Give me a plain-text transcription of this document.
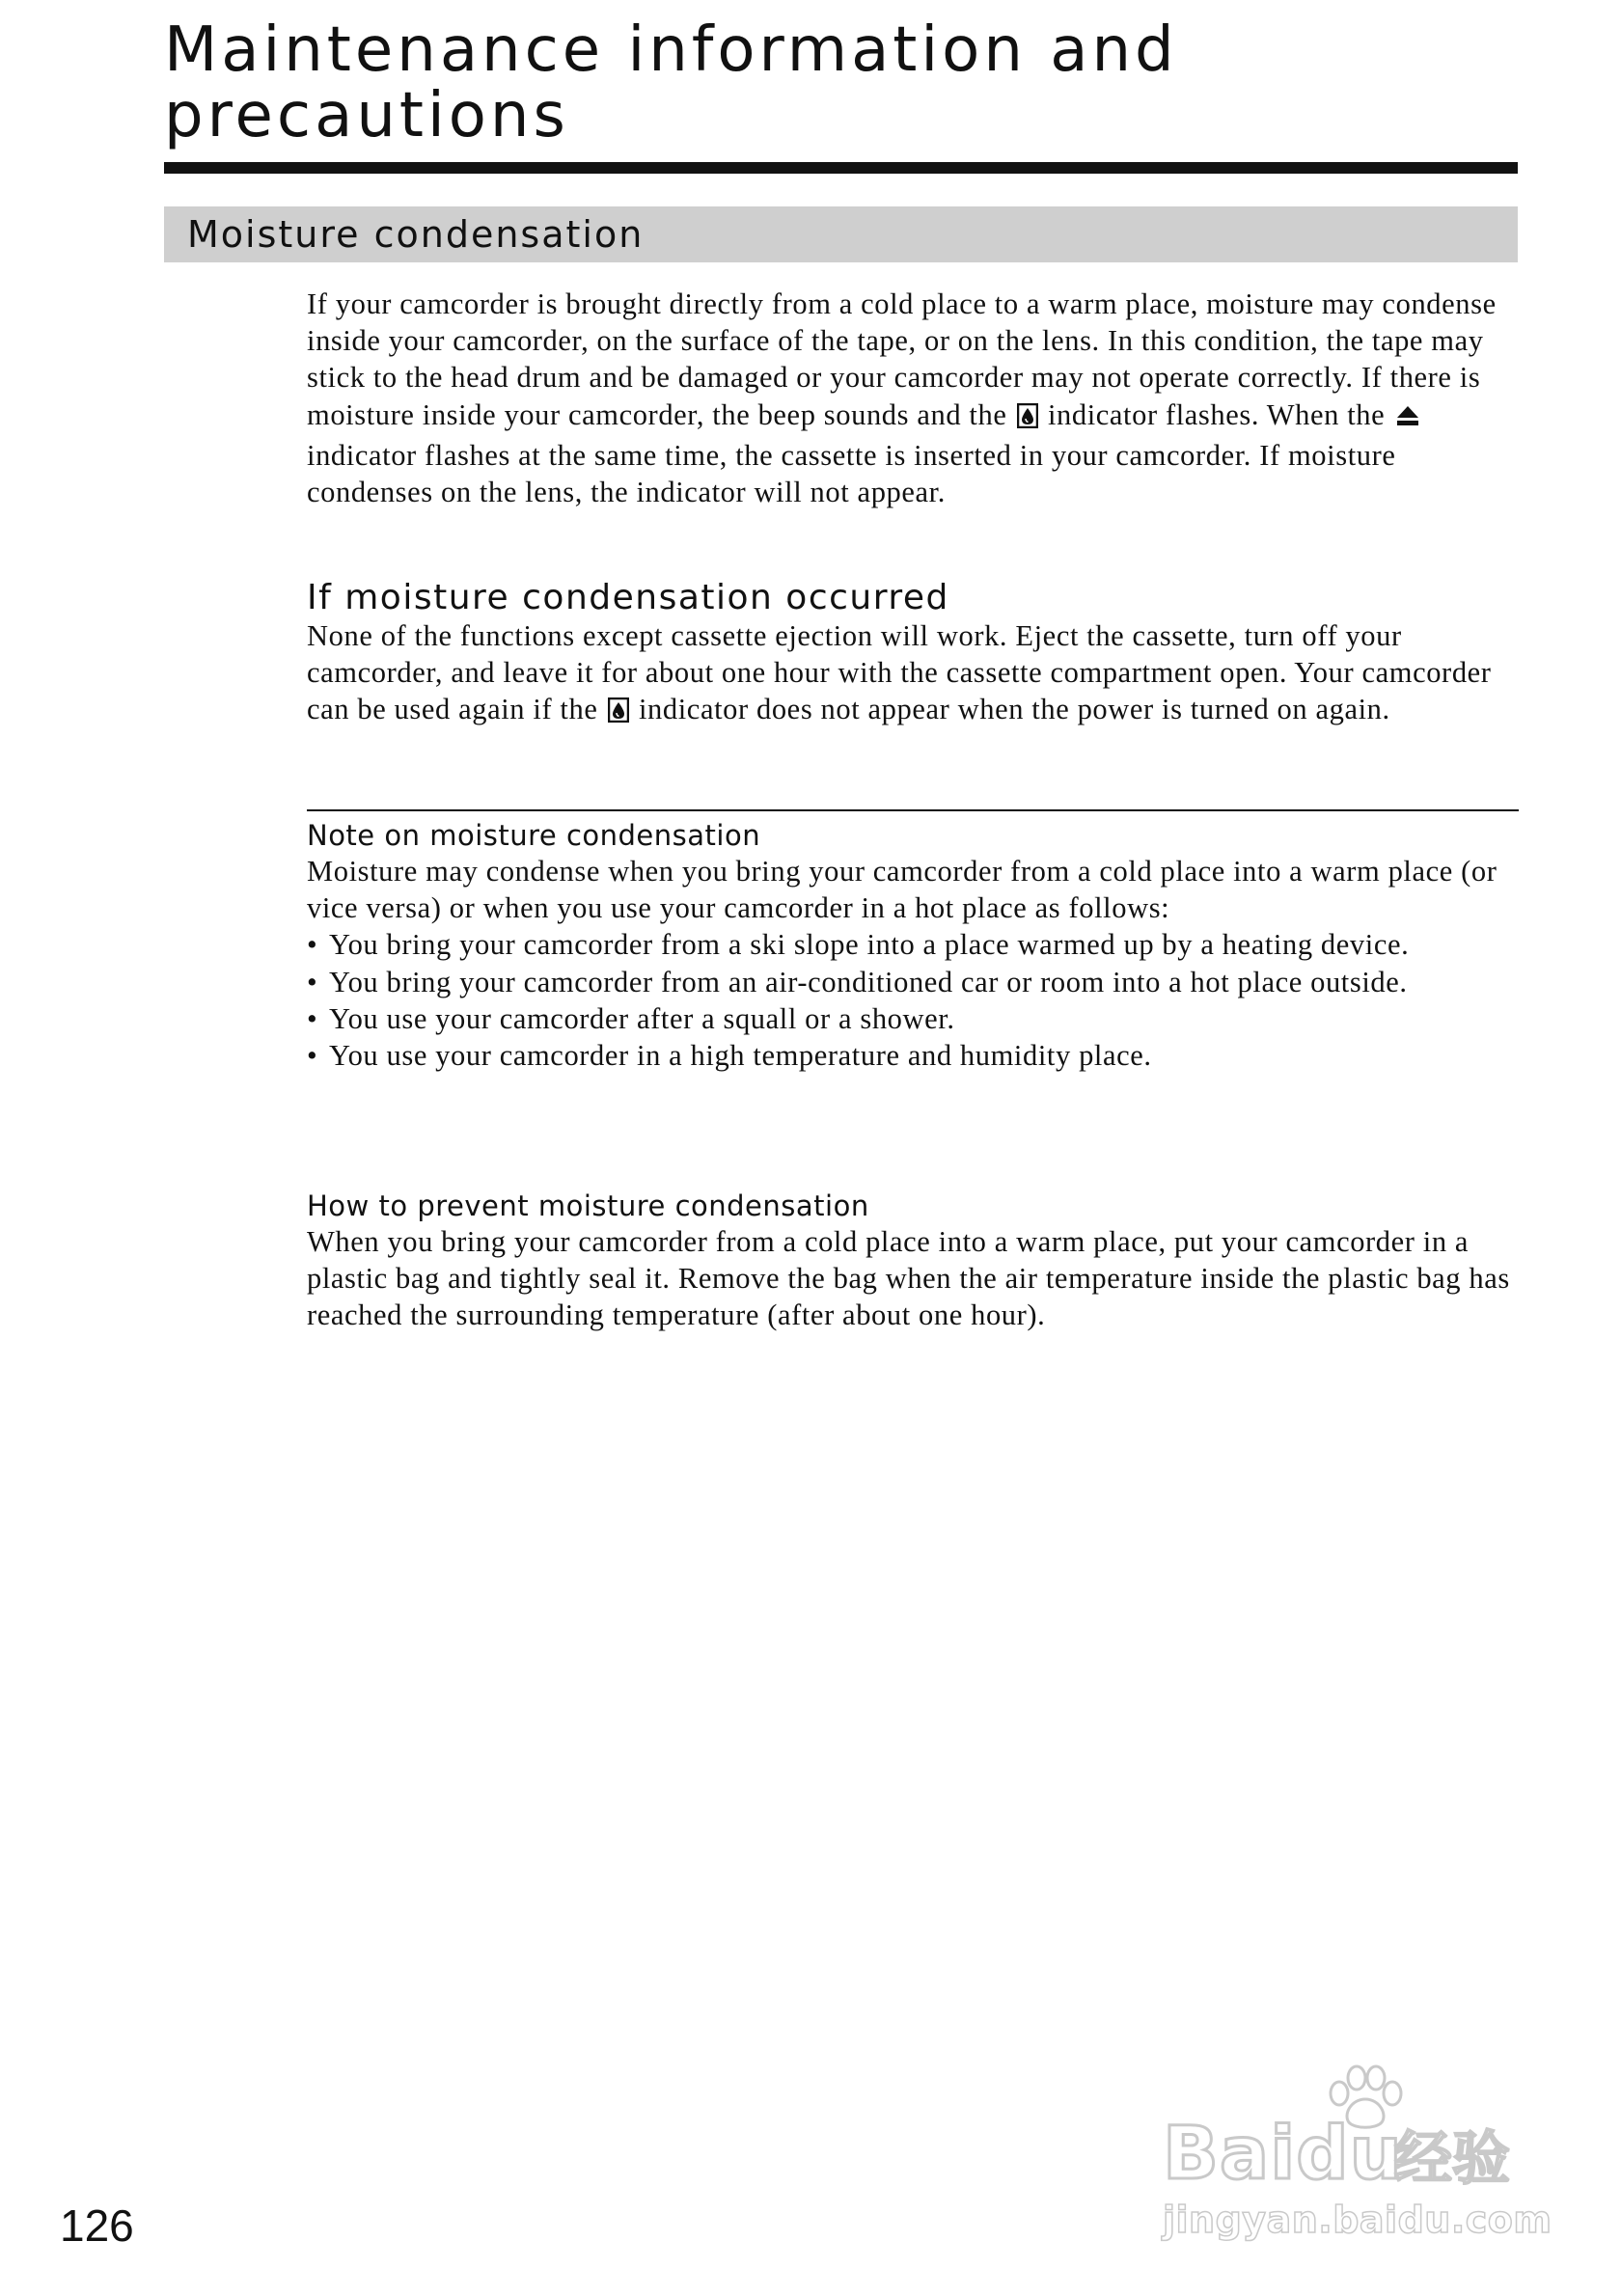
Maintenance information and precautions
Moisture condensation

If your camcorder is brought directly from a cold place to a warm place, moisture may condense inside your camcorder, on the surface of the tape, or on the lens. In this condition, the tape may stick to the head drum and be damaged or your camcorder may not operate correctly. If there is moisture inside your camcorder, the beep sounds and the indicator flashes. When the  indicator flashes at the same time, the cassette is inserted in your camcorder. If moisture condenses on the lens, the indicator will not appear.

If moisture condensation occurred

None of the functions except cassette ejection will work. Eject the cassette, turn off your camcorder, and leave it for about one hour with the cassette compartment open. Your camcorder can be used again if the indicator does not appear when the power is turned on again.

Note on moisture condensation

Moisture may condense when you bring your camcorder from a cold place into a warm place (or vice versa) or when you use your camcorder in a hot place as follows:

• You bring your camcorder from a ski slope into a place warmed up by a heating device.
• You bring your camcorder from an air-conditioned car or room into a hot place outside.
• You use your camcorder after a squall or a shower.
• You use your camcorder in a high temperature and humidity place.
How to prevent moisture condensation

When you bring your camcorder from a cold place into a warm place, put your camcorder in a plastic bag and tightly seal it. Remove the bag when the air temperature inside the plastic bag has reached the surrounding temperature (after about one hour).

Baidu
经验
jingyan.baidu.com
126
